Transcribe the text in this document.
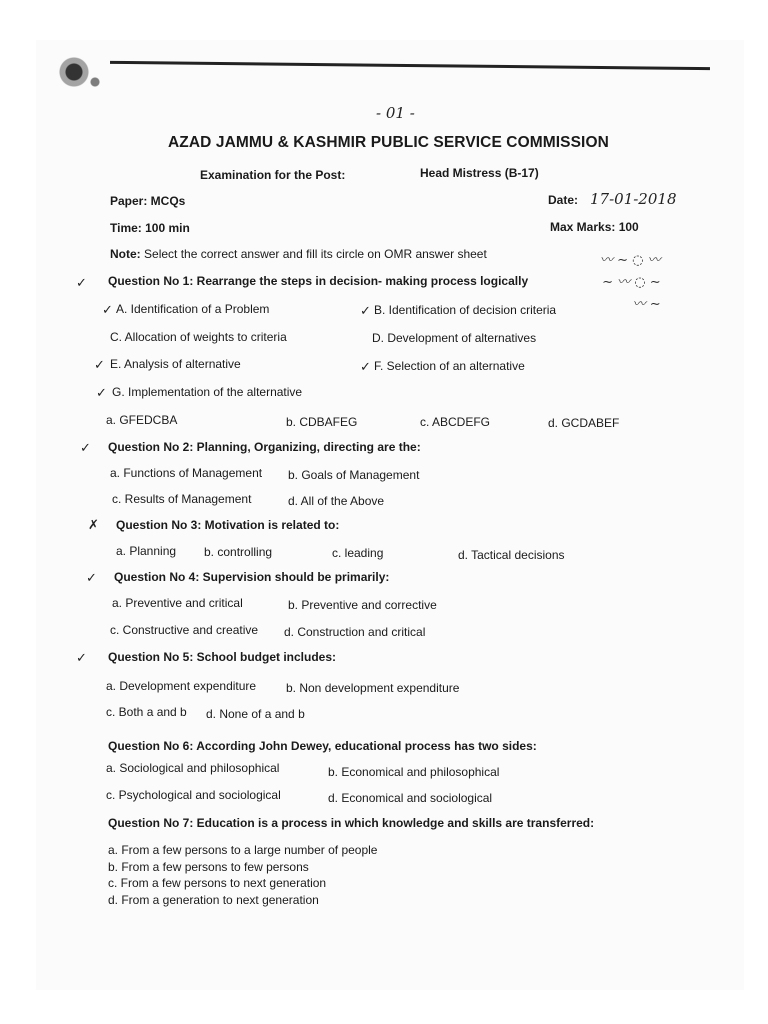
- 01 -
AZAD JAMMU & KASHMIR PUBLIC SERVICE COMMISSION
Examination for the Post:	Head Mistress (B-17)
Paper: MCQs	Date: 17-01-2018
Time: 100 min	Max Marks: 100
Note: Select the correct answer and fill its circle on OMR answer sheet	〰 ∼ ◌ 〰
∼ 〰 ◌ ∼
〰 ∼
✓ Question No 1: Rearrange the steps in decision- making process logically
✓ A. Identification of a Problem	✓ B. Identification of decision criteria
C. Allocation of weights to criteria	D. Development of alternatives
✓ E. Analysis of alternative	✓ F. Selection of an alternative
✓ G. Implementation of the alternative
a. GFEDCBA	b. CDBAFEG	c. ABCDEFG	d. GCDABEF
✓ Question No 2: Planning, Organizing, directing are the:
a. Functions of Management b. Goals of Management
c. Results of Management	d. All of the Above
✗ Question No 3: Motivation is related to:
a. Planning b. controlling	c. leading	d. Tactical decisions
✓ Question No 4: Supervision should be primarily:
a. Preventive and critical	b. Preventive and corrective
c. Constructive and creative d. Construction and critical
✓ Question No 5: School budget includes:
a. Development expenditure b. Non development expenditure
c. Both a and b d. None of a and b
Question No 6: According John Dewey, educational process has two sides:
a. Sociological and philosophical	b. Economical and philosophical
c. Psychological and sociological	d. Economical and sociological
Question No 7: Education is a process in which knowledge and skills are transferred:
a. From a few persons to a large number of people
b. From a few persons to few persons
c. From a few persons to next generation
d. From a generation to next generation
